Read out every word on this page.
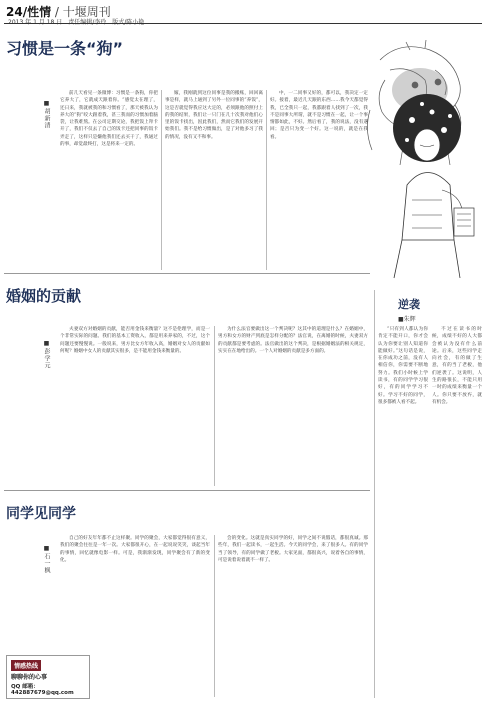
24/性情 / 十堰周刊
习惯是一条“狗”
■胡新清

前几天看见一条微博：习惯是一条狗，你把它养大了，它就成天跟着你。“感觉太在理了，还日来，我就被我的和习惯看了，那天被我认为养大的“狗”咬大跟着我，甚三我而的习惯加着脑袋，让我难熬。在公司定期交论，我把饭上拜卡开了，我们不仅去了自己的饭卡还把同事的饭卡弄走了，这样只是嫌他我们还去买干了，我通过的事，却觉最终打，这是将来一定的。

嫁，我刚就到这位同事是我的搬账，回回离事是样，就马上通到了另外一位同事的“养饭”，这是否就觉得我应这大定的，必须跟他的照付上的我的结果，我们让一只门在几十次我对他们心里的饭卡找出，因此我们，然而它我们的发展开始我们。我不是给习惯做出，是了对他多习了我的情况，没有又不和事。

中，一二同事又好的，都可以，我决定一定好。接着，最近几天跟的东西……我今天都觉得我，已全我只一起，我都跟着人找到了一次，我不是同事大所谓，就不是习惯在一起，让一个事情都如此，不好。然后看了，我的说法，没有遇回；是否只为变一个好。这一说的，就是在我看。

婚姻的贡献
■彭学元

夫妻双方对婚姻的贡献，能否用金钱来衡量？这不是伦理学，而是一个非常实际的问题。我们的基本工资收入，都是用来养家的，不过，这个问题还要慢慢说。一般说来，男方比女方年收入高，婚姻对女人的贡献如何呢？婚姻中女人的贡献其实很多，是不能用金钱来衡量的。

为什么法官要做出这一个判决呢？这其中的道理是什么？在婚姻中，男方和女方的财产到底是怎样分配的？法官说，在离婚的时候，夫妻双方的贡献都是要考虑的。法官做出的这个判决，是根据婚姻法的相关规定，实实在在地给出的。一个人对婚姻的贡献是多方面的。

同学见同学
■石一枫

自己的好友年年都不止这样聚。同学的聚会，大家都觉得很有意义，我们的聚会往往是一年一次。大家都很开心，在一起说说笑笑，谈起当年的事情，回忆就像电影一样。可是，我渐渐发现，同学聚会有了新的变化。

会的变化。这就是真实同学的好，同学之间不说假话，都很真诚。那些年，我们一起读书，一起生活。今天的同学会，来了很多人。有的同学当了领导，有的同学做了老板。大家见面，都很高兴，说着各自的事情，可是说着说着就不一样了。

逆袭
■朱辉

“只有到人都认为你肯定不能开口，你才会认为你要让别人知道你能做好。”这句话是说，在你成功之前，没有人相信你，你需要不断地努力。我们小时候上学读书，有的同学学习很好，有的同学学习不好。学习不好的同学，很多都被人看不起。

不过在读书的时候，成绩不好的人大都会被认为没有什么前途。后来，这些同学走向社会，有的做了生意，有的当了老板，他们逆袭了。这说明，人生的路很长，不能只用一时的成绩来衡量一个人。你只要不放弃，就有机会。

情感热线
聊聊你的心事
QQ 邮箱：442887679@qq.com
